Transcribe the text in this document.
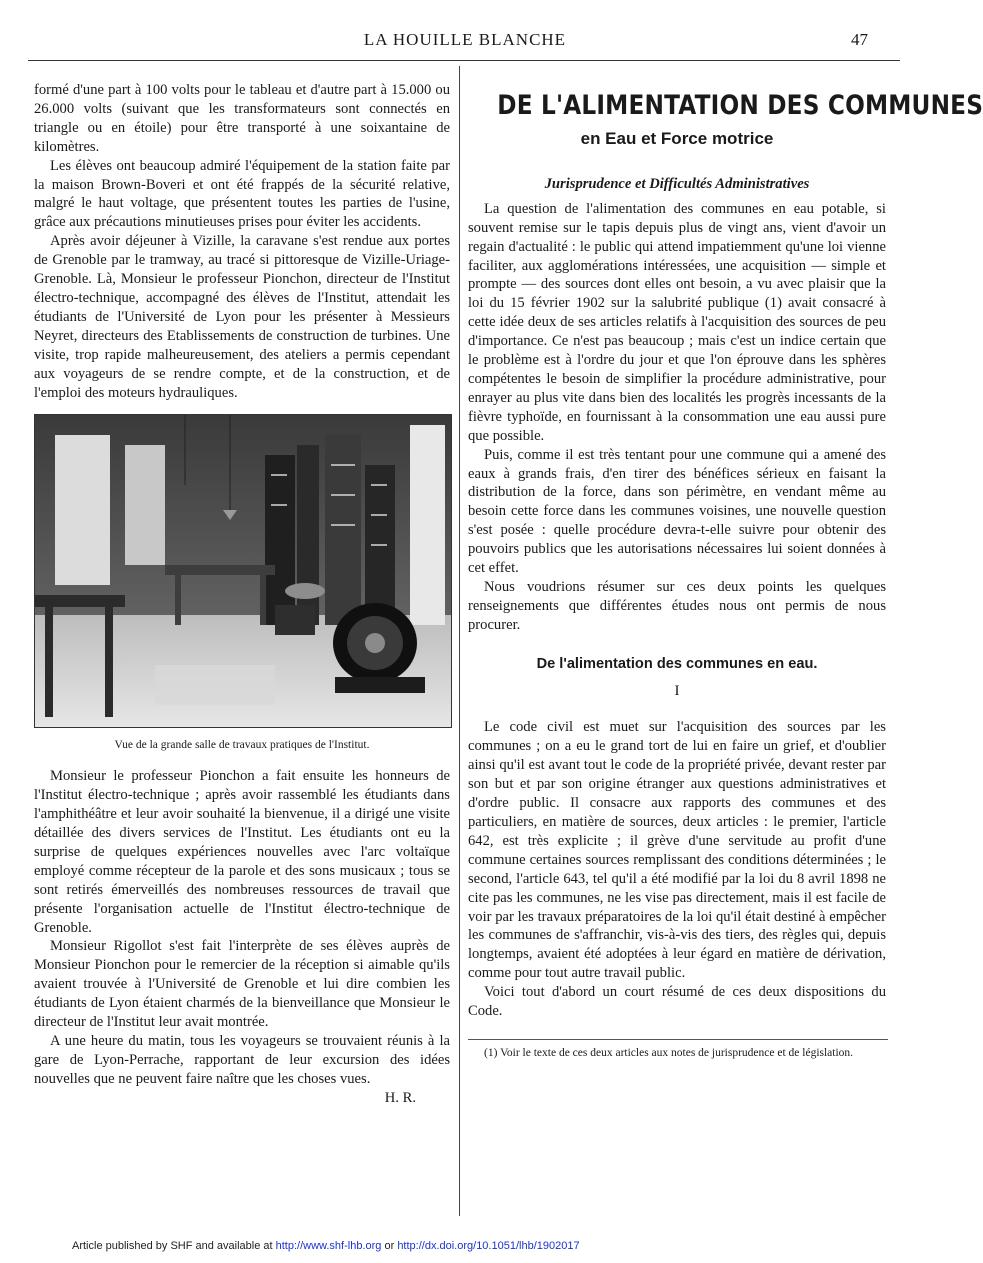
LA HOUILLE BLANCHE	47

formé d'une part à 100 volts pour le tableau et d'autre part à 15.000 ou 26.000 volts (suivant que les transformateurs sont connectés en triangle ou en étoile) pour être transporté à une soixantaine de kilomètres.

Les élèves ont beaucoup admiré l'équipement de la station faite par la maison Brown-Boveri et ont été frappés de la sécurité relative, malgré le haut voltage, que présentent toutes les parties de l'usine, grâce aux précautions minutieuses prises pour éviter les accidents.

Après avoir déjeuner à Vizille, la caravane s'est rendue aux portes de Grenoble par le tramway, au tracé si pittoresque de Vizille-Uriage-Grenoble. Là, Monsieur le professeur Pionchon, directeur de l'Institut électro-technique, accompagné des élèves de l'Institut, attendait les étudiants de l'Université de Lyon pour les présenter à Messieurs Neyret, directeurs des Etablissements de construction de turbines. Une visite, trop rapide malheureusement, des ateliers a permis cependant aux voyageurs de se rendre compte, et de la construction, et de l'emploi des moteurs hydrauliques.

Vue de la grande salle de travaux pratiques de l'Institut.

Monsieur le professeur Pionchon a fait ensuite les honneurs de l'Institut électro-technique ; après avoir rassemblé les étudiants dans l'amphithéâtre et leur avoir souhaité la bienvenue, il a dirigé une visite détaillée des divers services de l'Institut. Les étudiants ont eu la surprise de quelques expériences nouvelles avec l'arc voltaïque employé comme récepteur de la parole et des sons musicaux ; tous se sont retirés émerveillés des nombreuses ressources de travail que présente l'organisation actuelle de l'Institut électro-technique de Grenoble.

Monsieur Rigollot s'est fait l'interprète de ses élèves auprès de Monsieur Pionchon pour le remercier de la réception si aimable qu'ils avaient trouvée à l'Université de Grenoble et lui dire combien les étudiants de Lyon étaient charmés de la bienveillance que Monsieur le directeur de l'Institut leur avait montrée.

A une heure du matin, tous les voyageurs se trouvaient réunis à la gare de Lyon-Perrache, rapportant de leur excursion des idées nouvelles que ne peuvent faire naître que les choses vues.
H. R.

DE L'ALIMENTATION DES COMMUNES
en Eau et Force motrice
Jurisprudence et Difficultés Administratives

La question de l'alimentation des communes en eau potable, si souvent remise sur le tapis depuis plus de vingt ans, vient d'avoir un regain d'actualité : le public qui attend impatiemment qu'une loi vienne faciliter, aux agglomérations intéressées, une acquisition — simple et prompte — des sources dont elles ont besoin, a vu avec plaisir que la loi du 15 février 1902 sur la salubrité publique (1) avait consacré à cette idée deux de ses articles relatifs à l'acquisition des sources de peu d'importance. Ce n'est pas beaucoup ; mais c'est un indice certain que le problème est à l'ordre du jour et que l'on éprouve dans les sphères compétentes le besoin de simplifier la procédure administrative, pour enrayer au plus vite dans bien des localités les progrès incessants de la fièvre typhoïde, en fournissant à la consommation une eau aussi pure que possible.

Puis, comme il est très tentant pour une commune qui a amené des eaux à grands frais, d'en tirer des bénéfices sérieux en faisant la distribution de la force, dans son périmètre, en vendant même au besoin cette force dans les communes voisines, une nouvelle question s'est posée : quelle procédure devra-t-elle suivre pour obtenir des pouvoirs publics que les autorisations nécessaires lui soient données à cet effet.

Nous voudrions résumer sur ces deux points les quelques renseignements que différentes études nous ont permis de nous procurer.

De l'alimentation des communes en eau.
I

Le code civil est muet sur l'acquisition des sources par les communes ; on a eu le grand tort de lui en faire un grief, et d'oublier ainsi qu'il est avant tout le code de la propriété privée, devant rester par son but et par son origine étranger aux questions administratives et d'ordre public. Il consacre aux rapports des communes et des particuliers, en matière de sources, deux articles : le premier, l'article 642, est très explicite ; il grève d'une servitude au profit d'une commune certaines sources remplissant des conditions déterminées ; le second, l'article 643, tel qu'il a été modifié par la loi du 8 avril 1898 ne cite pas les communes, ne les vise pas directement, mais il est facile de voir par les travaux préparatoires de la loi qu'il était destiné à empêcher les communes de s'affranchir, vis-à-vis des tiers, des règles qui, depuis longtemps, avaient été adoptées à leur égard en matière de dérivation, comme pour tout autre travail public.

Voici tout d'abord un court résumé de ces deux dispositions du Code.

(1) Voir le texte de ces deux articles aux notes de jurisprudence et de législation.

Article published by SHF and available at http://www.shf-lhb.org or http://dx.doi.org/10.1051/lhb/1902017
